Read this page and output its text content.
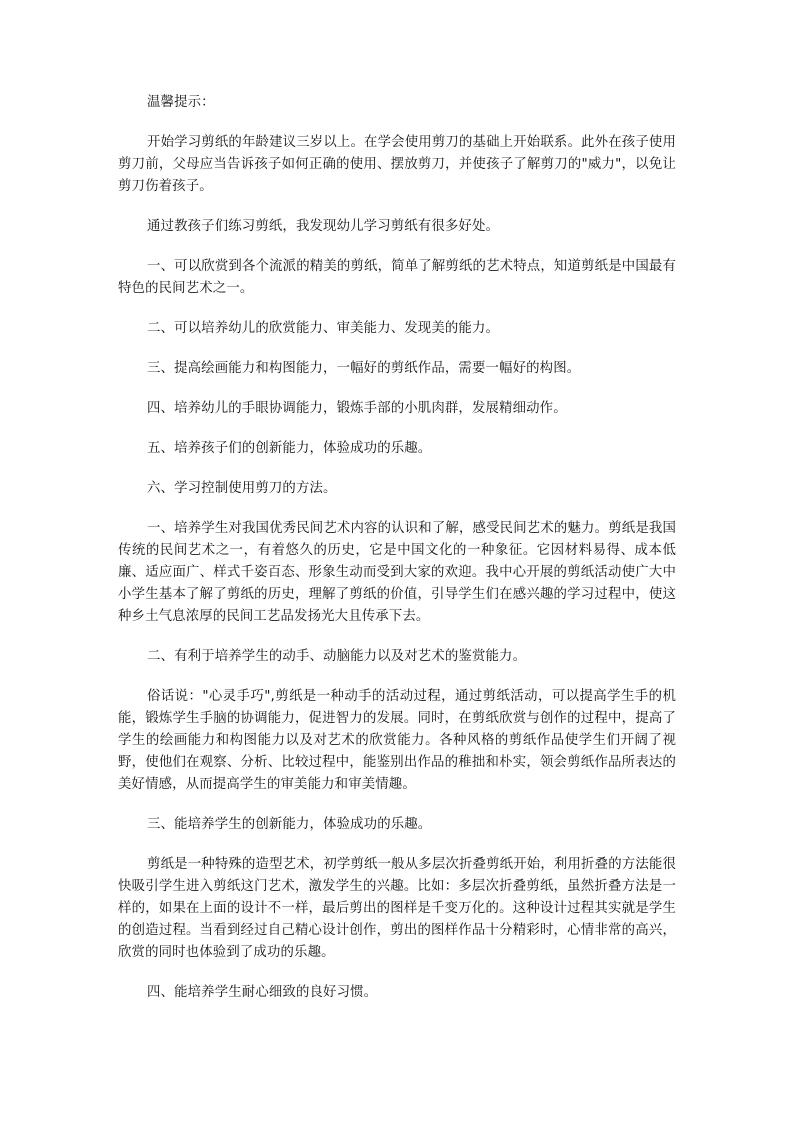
温馨提示：

开始学习剪纸的年龄建议三岁以上。在学会使用剪刀的基础上开始联系。此外在孩子使用剪刀前，父母应当告诉孩子如何正确的使用、摆放剪刀，并使孩子了解剪刀的"威力"，以免让剪刀伤着孩子。

通过教孩子们练习剪纸，我发现幼儿学习剪纸有很多好处。

一、可以欣赏到各个流派的精美的剪纸，简单了解剪纸的艺术特点，知道剪纸是中国最有特色的民间艺术之一。

二、可以培养幼儿的欣赏能力、审美能力、发现美的能力。

三、提高绘画能力和构图能力，一幅好的剪纸作品，需要一幅好的构图。

四、培养幼儿的手眼协调能力，锻炼手部的小肌肉群，发展精细动作。

五、培养孩子们的创新能力，体验成功的乐趣。

六、学习控制使用剪刀的方法。

一、培养学生对我国优秀民间艺术内容的认识和了解，感受民间艺术的魅力。剪纸是我国传统的民间艺术之一，有着悠久的历史，它是中国文化的一种象征。它因材料易得、成本低廉、适应面广、样式千姿百态、形象生动而受到大家的欢迎。我中心开展的剪纸活动使广大中小学生基本了解了剪纸的历史，理解了剪纸的价值，引导学生们在感兴趣的学习过程中，使这种乡土气息浓厚的民间工艺品发扬光大且传承下去。

二、有利于培养学生的动手、动脑能力以及对艺术的鉴赏能力。

俗话说："心灵手巧",剪纸是一种动手的活动过程，通过剪纸活动，可以提高学生手的机能，锻炼学生手脑的协调能力，促进智力的发展。同时，在剪纸欣赏与创作的过程中，提高了学生的绘画能力和构图能力以及对艺术的欣赏能力。各种风格的剪纸作品使学生们开阔了视野，使他们在观察、分析、比较过程中，能鉴别出作品的稚拙和朴实，领会剪纸作品所表达的美好情感，从而提高学生的审美能力和审美情趣。

三、能培养学生的创新能力，体验成功的乐趣。

剪纸是一种特殊的造型艺术，初学剪纸一般从多层次折叠剪纸开始，利用折叠的方法能很快吸引学生进入剪纸这门艺术，激发学生的兴趣。比如：多层次折叠剪纸，虽然折叠方法是一样的，如果在上面的设计不一样，最后剪出的图样是千变万化的。这种设计过程其实就是学生的创造过程。当看到经过自己精心设计创作，剪出的图样作品十分精彩时，心情非常的高兴，欣赏的同时也体验到了成功的乐趣。

四、能培养学生耐心细致的良好习惯。
